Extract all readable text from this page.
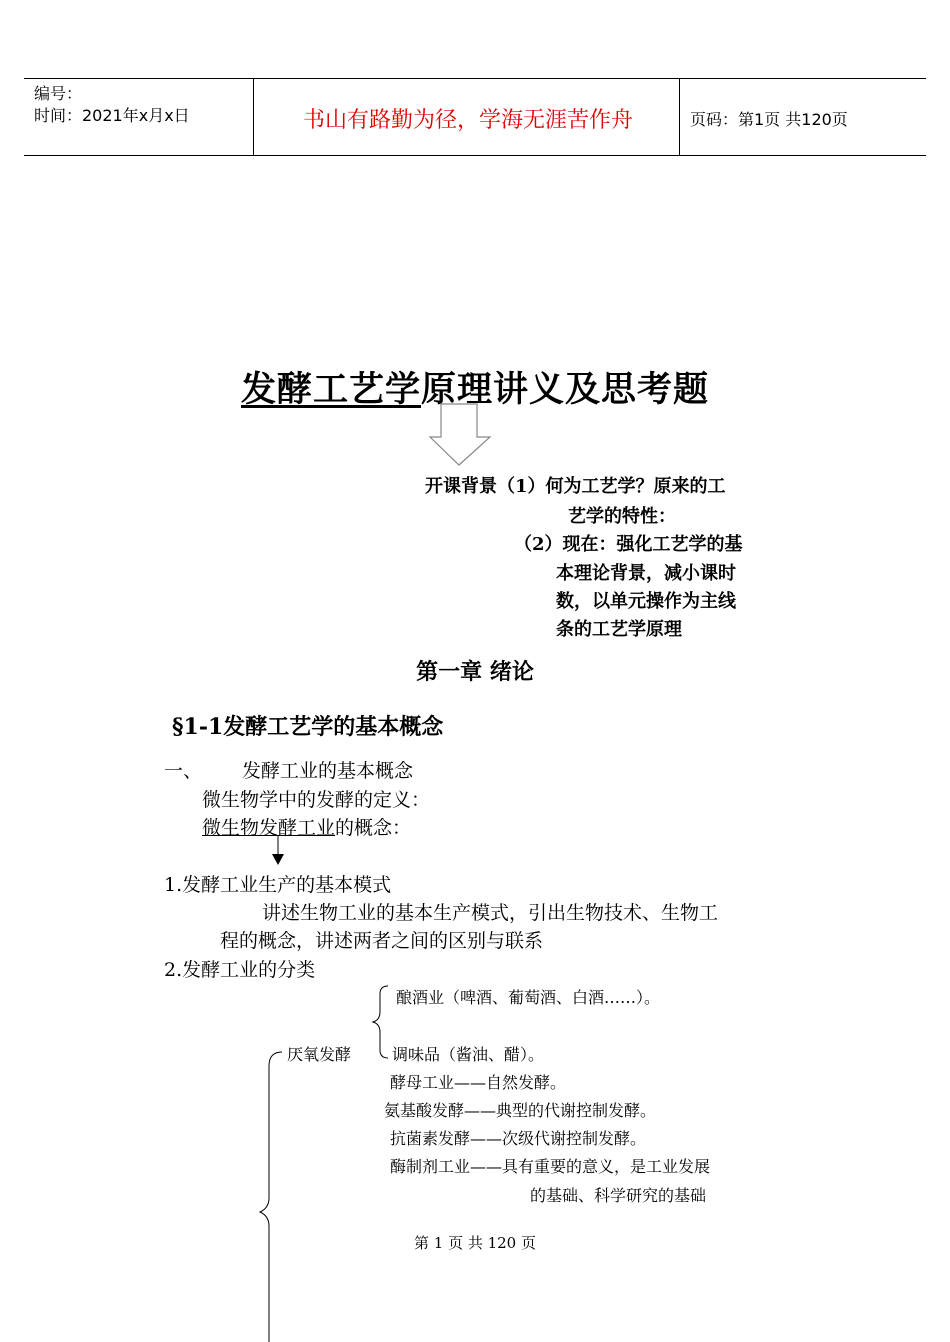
编号：
时间：2021年x月x日	书山有路勤为径，学海无涯苦作舟	页码：第1页 共120页
发酵工艺学原理讲义及思考题
开课背景（1）何为工艺学？原来的工
艺学的特性：
（2）现在：强化工艺学的基
本理论背景，减小课时
数，以单元操作为主线
条的工艺学原理
第一章 绪论
§1-1发酵工艺学的基本概念
一、 发酵工业的基本概念
微生物学中的发酵的定义：
微生物发酵工业的概念：
1.发酵工业生产的基本模式
讲述生物工业的基本生产模式，引出生物技术、生物工
程的概念，讲述两者之间的区别与联系
2.发酵工业的分类
厌氧发酵
酿酒业（啤酒、葡萄酒、白酒……）。
调味品（酱油、醋）。
酵母工业——自然发酵。
氨基酸发酵——典型的代谢控制发酵。
抗菌素发酵——次级代谢控制发酵。
酶制剂工业——具有重要的意义，是工业发展
的基础、科学研究的基础
第 1 页 共 120 页
